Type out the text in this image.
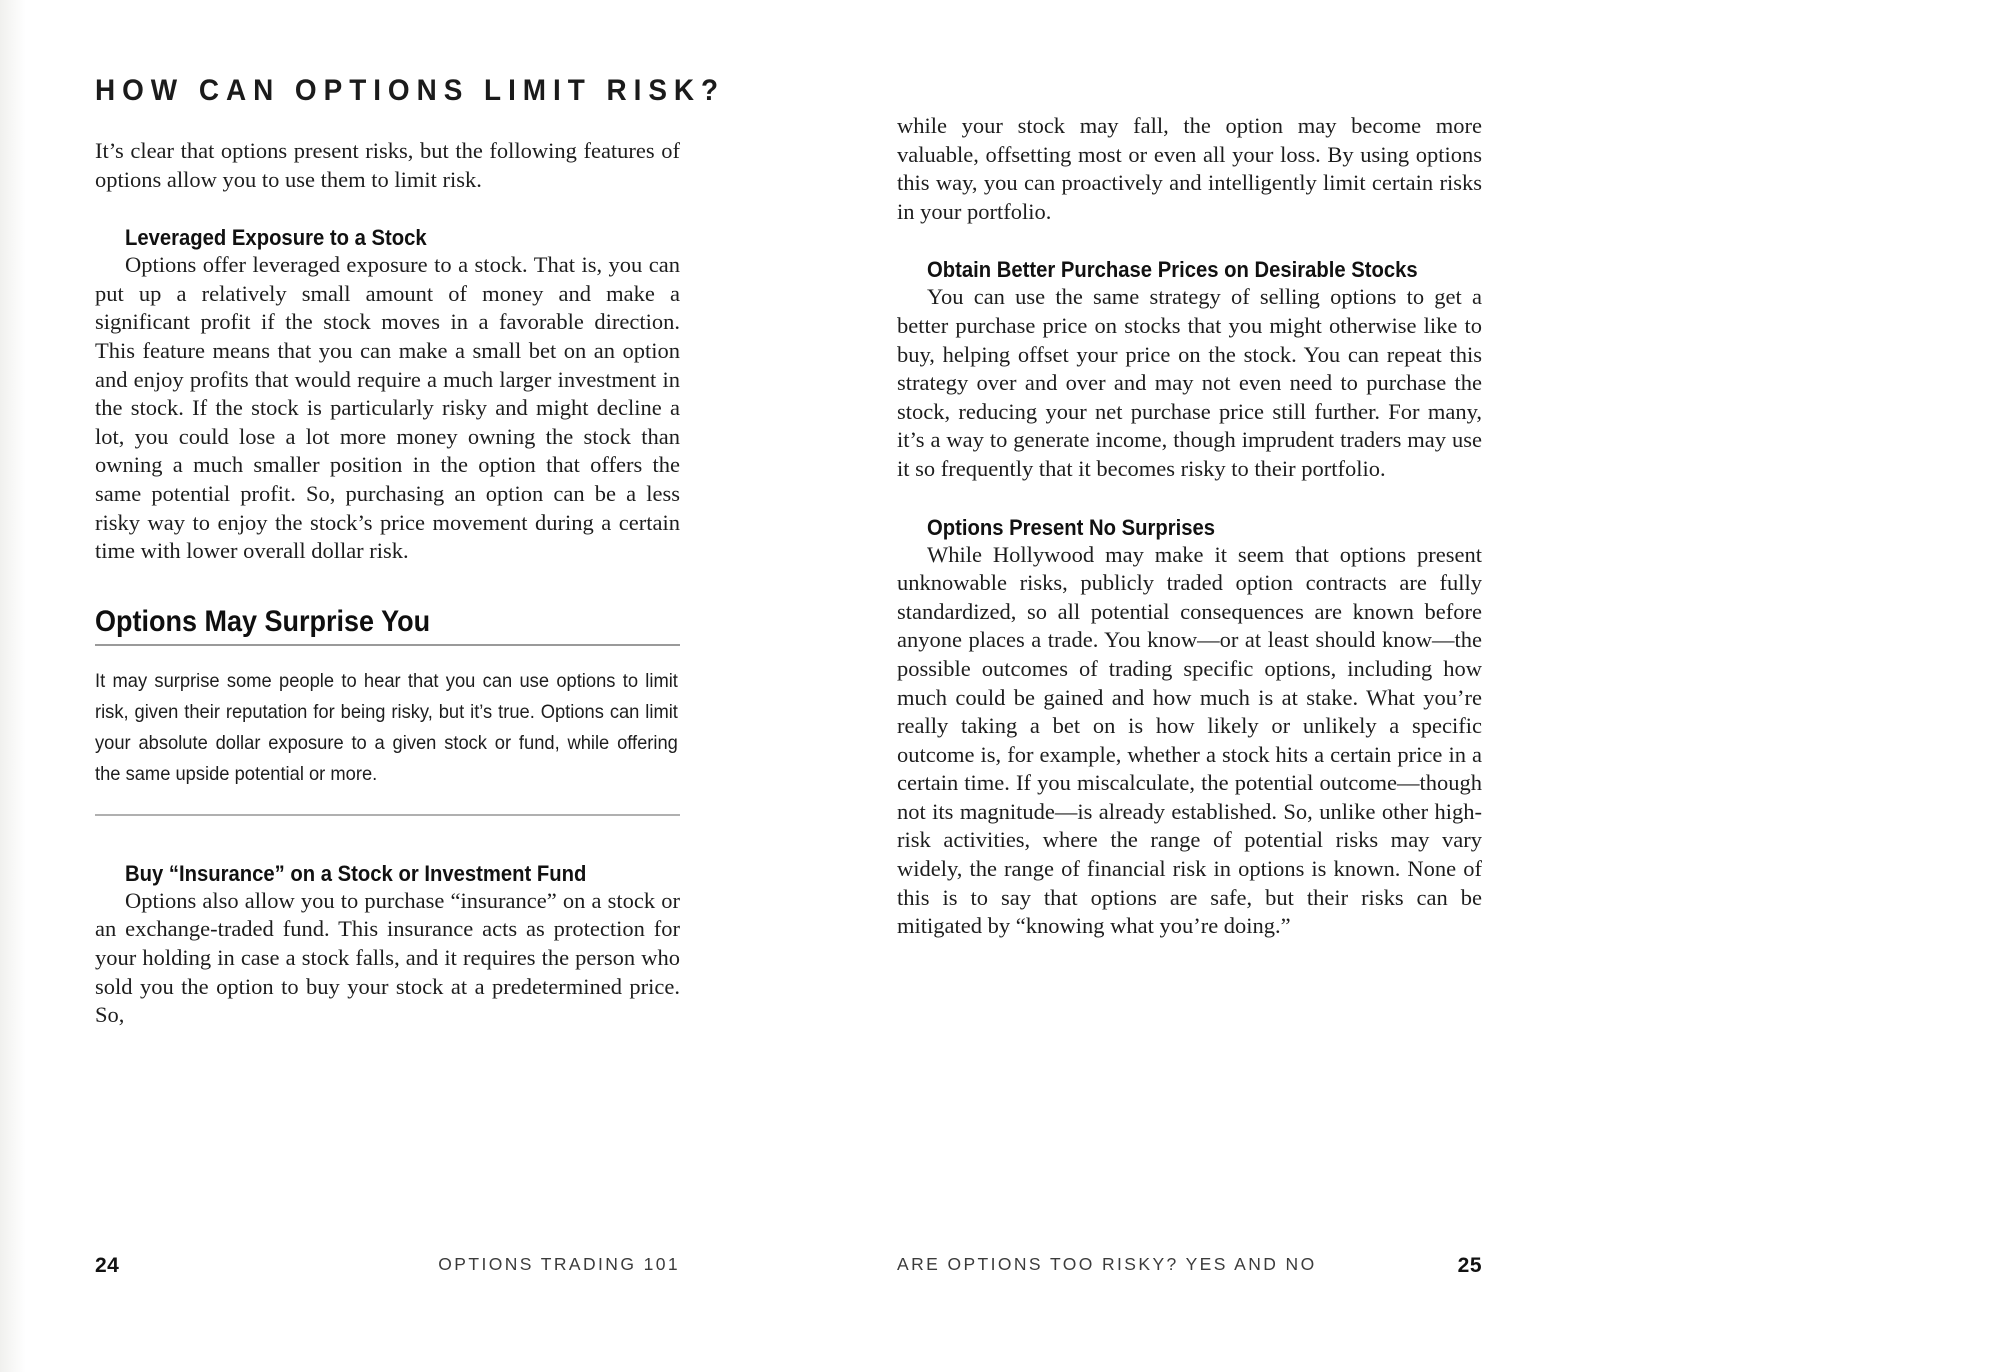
HOW CAN OPTIONS LIMIT RISK?

It’s clear that options present risks, but the following features of options allow you to use them to limit risk.

Leveraged Exposure to a Stock

Options offer leveraged exposure to a stock. That is, you can put up a relatively small amount of money and make a significant profit if the stock moves in a favorable direction. This feature means that you can make a small bet on an option and enjoy profits that would require a much larger investment in the stock. If the stock is particularly risky and might decline a lot, you could lose a lot more money owning the stock than owning a much smaller position in the option that offers the same potential profit. So, purchasing an option can be a less risky way to enjoy the stock’s price movement during a certain time with lower overall dollar risk.

Options May Surprise You

It may surprise some people to hear that you can use options to limit risk, given their reputation for being risky, but it’s true. Options can limit your absolute dollar exposure to a given stock or fund, while offering the same upside potential or more.

Buy “Insurance” on a Stock or Investment Fund

Options also allow you to purchase “insurance” on a stock or an exchange-traded fund. This insurance acts as protection for your holding in case a stock falls, and it requires the person who sold you the option to buy your stock at a predetermined price. So,

24	OPTIONS TRADING 101

while your stock may fall, the option may become more valuable, offsetting most or even all your loss. By using options this way, you can proactively and intelligently limit certain risks in your portfolio.

Obtain Better Purchase Prices on Desirable Stocks

You can use the same strategy of selling options to get a better purchase price on stocks that you might otherwise like to buy, helping offset your price on the stock. You can repeat this strategy over and over and may not even need to purchase the stock, reducing your net purchase price still further. For many, it’s a way to generate income, though imprudent traders may use it so frequently that it becomes risky to their portfolio.

Options Present No Surprises

While Hollywood may make it seem that options present unknowable risks, publicly traded option contracts are fully standardized, so all potential consequences are known before anyone places a trade. You know—or at least should know—the possible outcomes of trading specific options, including how much could be gained and how much is at stake. What you’re really taking a bet on is how likely or unlikely a specific outcome is, for example, whether a stock hits a certain price in a certain time. If you miscalculate, the potential outcome—though not its magnitude—is already established. So, unlike other high-risk activities, where the range of potential risks may vary widely, the range of financial risk in options is known. None of this is to say that options are safe, but their risks can be mitigated by “knowing what you’re doing.”

ARE OPTIONS TOO RISKY? YES AND NO	25
